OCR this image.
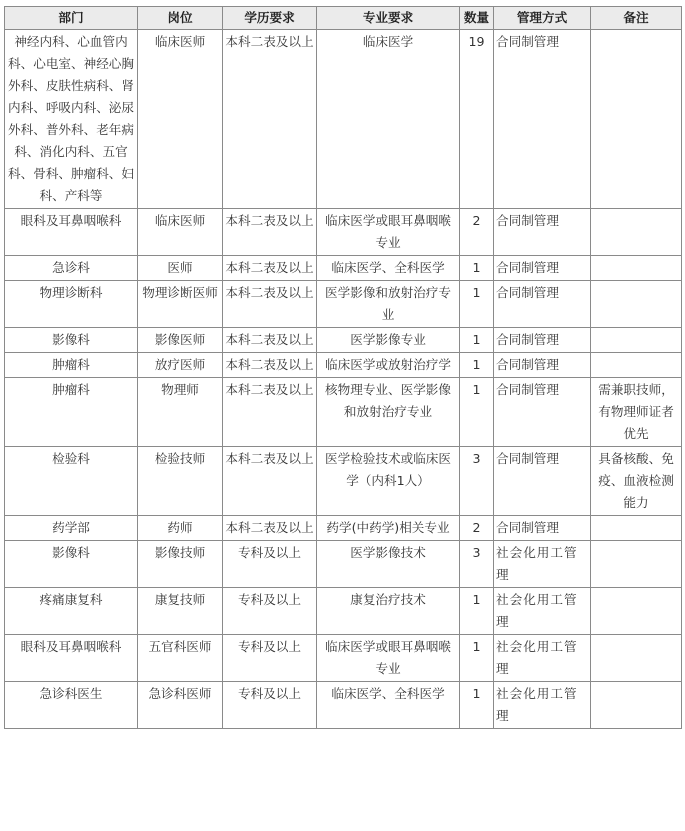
部门	岗位	学历要求	专业要求	数量	管理方式	备注
神经内科、心血管内科、心电室、神经心胸外科、皮肤性病科、肾内科、呼吸内科、泌尿外科、普外科、老年病科、消化内科、五官科、骨科、肿瘤科、妇科、产科等	临床医师	本科二表及以上	临床医学	19	合同制管理	
眼科及耳鼻咽喉科	临床医师	本科二表及以上	临床医学或眼耳鼻咽喉专业	2	合同制管理	
急诊科	医师	本科二表及以上	临床医学、全科医学	1	合同制管理	
物理诊断科	物理诊断医师	本科二表及以上	医学影像和放射治疗专业	1	合同制管理	
影像科	影像医师	本科二表及以上	医学影像专业	1	合同制管理	
肿瘤科	放疗医师	本科二表及以上	临床医学或放射治疗学	1	合同制管理	
肿瘤科	物理师	本科二表及以上	核物理专业、医学影像和放射治疗专业	1	合同制管理	需兼职技师，有物理师证者优先
检验科	检验技师	本科二表及以上	医学检验技术或临床医学（内科1人）	3	合同制管理	具备核酸、免疫、血液检测能力
药学部	药师	本科二表及以上	药学(中药学)相关专业	2	合同制管理	
影像科	影像技师	专科及以上	医学影像技术	3	社会化用工管理	
疼痛康复科	康复技师	专科及以上	康复治疗技术	1	社会化用工管理	
眼科及耳鼻咽喉科	五官科医师	专科及以上	临床医学或眼耳鼻咽喉专业	1	社会化用工管理	
急诊科医生	急诊科医师	专科及以上	临床医学、全科医学	1	社会化用工管理	
